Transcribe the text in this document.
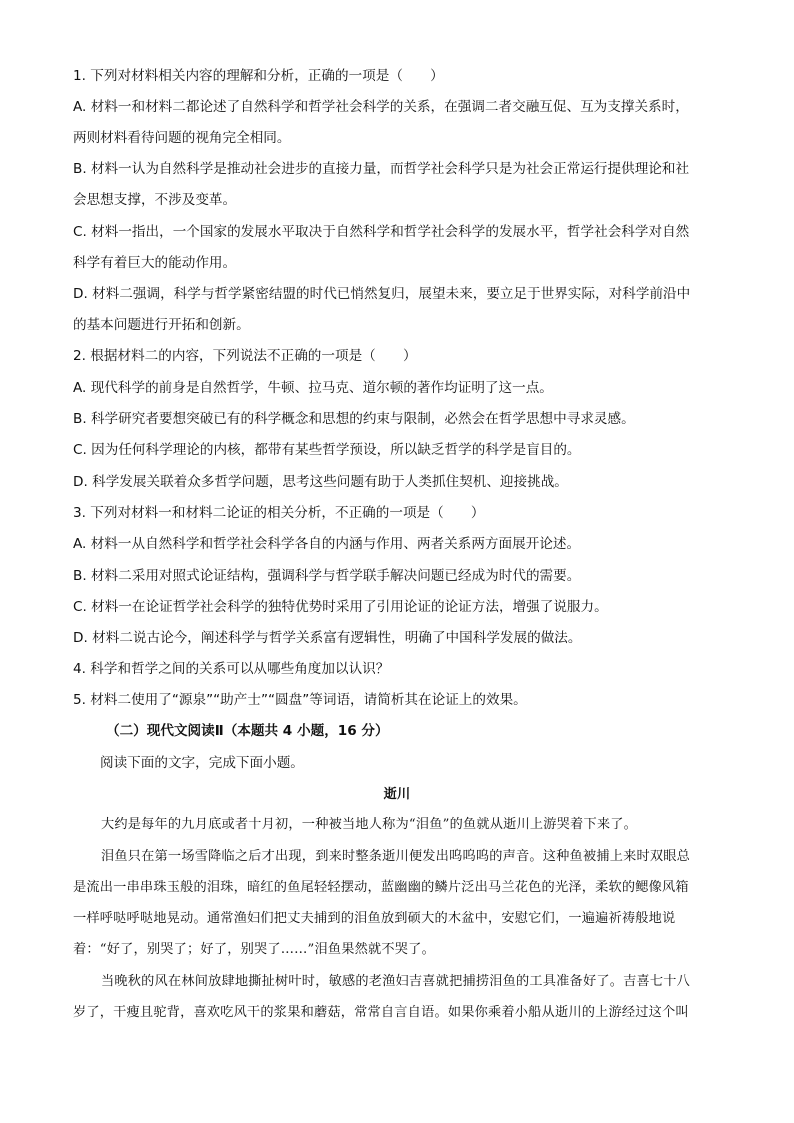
1. 下列对材料相关内容的理解和分析，正确的一项是（　　）
A. 材料一和材料二都论述了自然科学和哲学社会科学的关系，在强调二者交融互促、互为支撑关系时，
两则材料看待问题的视角完全相同。
B. 材料一认为自然科学是推动社会进步的直接力量，而哲学社会科学只是为社会正常运行提供理论和社
会思想支撑，不涉及变革。
C. 材料一指出，一个国家的发展水平取决于自然科学和哲学社会科学的发展水平，哲学社会科学对自然
科学有着巨大的能动作用。
D. 材料二强调，科学与哲学紧密结盟的时代已悄然复归，展望未来，要立足于世界实际，对科学前沿中
的基本问题进行开拓和创新。
2. 根据材料二的内容，下列说法不正确的一项是（　　）
A. 现代科学的前身是自然哲学，牛顿、拉马克、道尔顿的著作均证明了这一点。
B. 科学研究者要想突破已有的科学概念和思想的约束与限制，必然会在哲学思想中寻求灵感。
C. 因为任何科学理论的内核，都带有某些哲学预设，所以缺乏哲学的科学是盲目的。
D. 科学发展关联着众多哲学问题，思考这些问题有助于人类抓住契机、迎接挑战。
3. 下列对材料一和材料二论证的相关分析，不正确的一项是（　　）
A. 材料一从自然科学和哲学社会科学各自的内涵与作用、两者关系两方面展开论述。
B. 材料二采用对照式论证结构，强调科学与哲学联手解决问题已经成为时代的需要。
C. 材料一在论证哲学社会科学的独特优势时采用了引用论证的论证方法，增强了说服力。
D. 材料二说古论今，阐述科学与哲学关系富有逻辑性，明确了中国科学发展的做法。
4. 科学和哲学之间的关系可以从哪些角度加以认识？
5. 材料二使用了“源泉”“助产士”“圆盘”等词语，请简析其在论证上的效果。
（二）现代文阅读Ⅱ（本题共 4 小题，16 分）
阅读下面的文字，完成下面小题。
逝川
大约是每年的九月底或者十月初，一种被当地人称为“泪鱼”的鱼就从逝川上游哭着下来了。
泪鱼只在第一场雪降临之后才出现，到来时整条逝川便发出呜呜呜的声音。这种鱼被捕上来时双眼总
是流出一串串珠玉般的泪珠，暗红的鱼尾轻轻摆动，蓝幽幽的鳞片泛出马兰花色的光泽，柔软的鳃像风箱
一样呼哒呼哒地晃动。通常渔妇们把丈夫捕到的泪鱼放到硕大的木盆中，安慰它们，一遍遍祈祷般地说
着：“好了，别哭了；好了，别哭了……”泪鱼果然就不哭了。
当晚秋的风在林间放肆地撕扯树叶时，敏感的老渔妇吉喜就把捕捞泪鱼的工具准备好了。吉喜七十八
岁了，干瘦且驼背，喜欢吃风干的浆果和蘑菇，常常自言自语。如果你乘着小船从逝川的上游经过这个叫
